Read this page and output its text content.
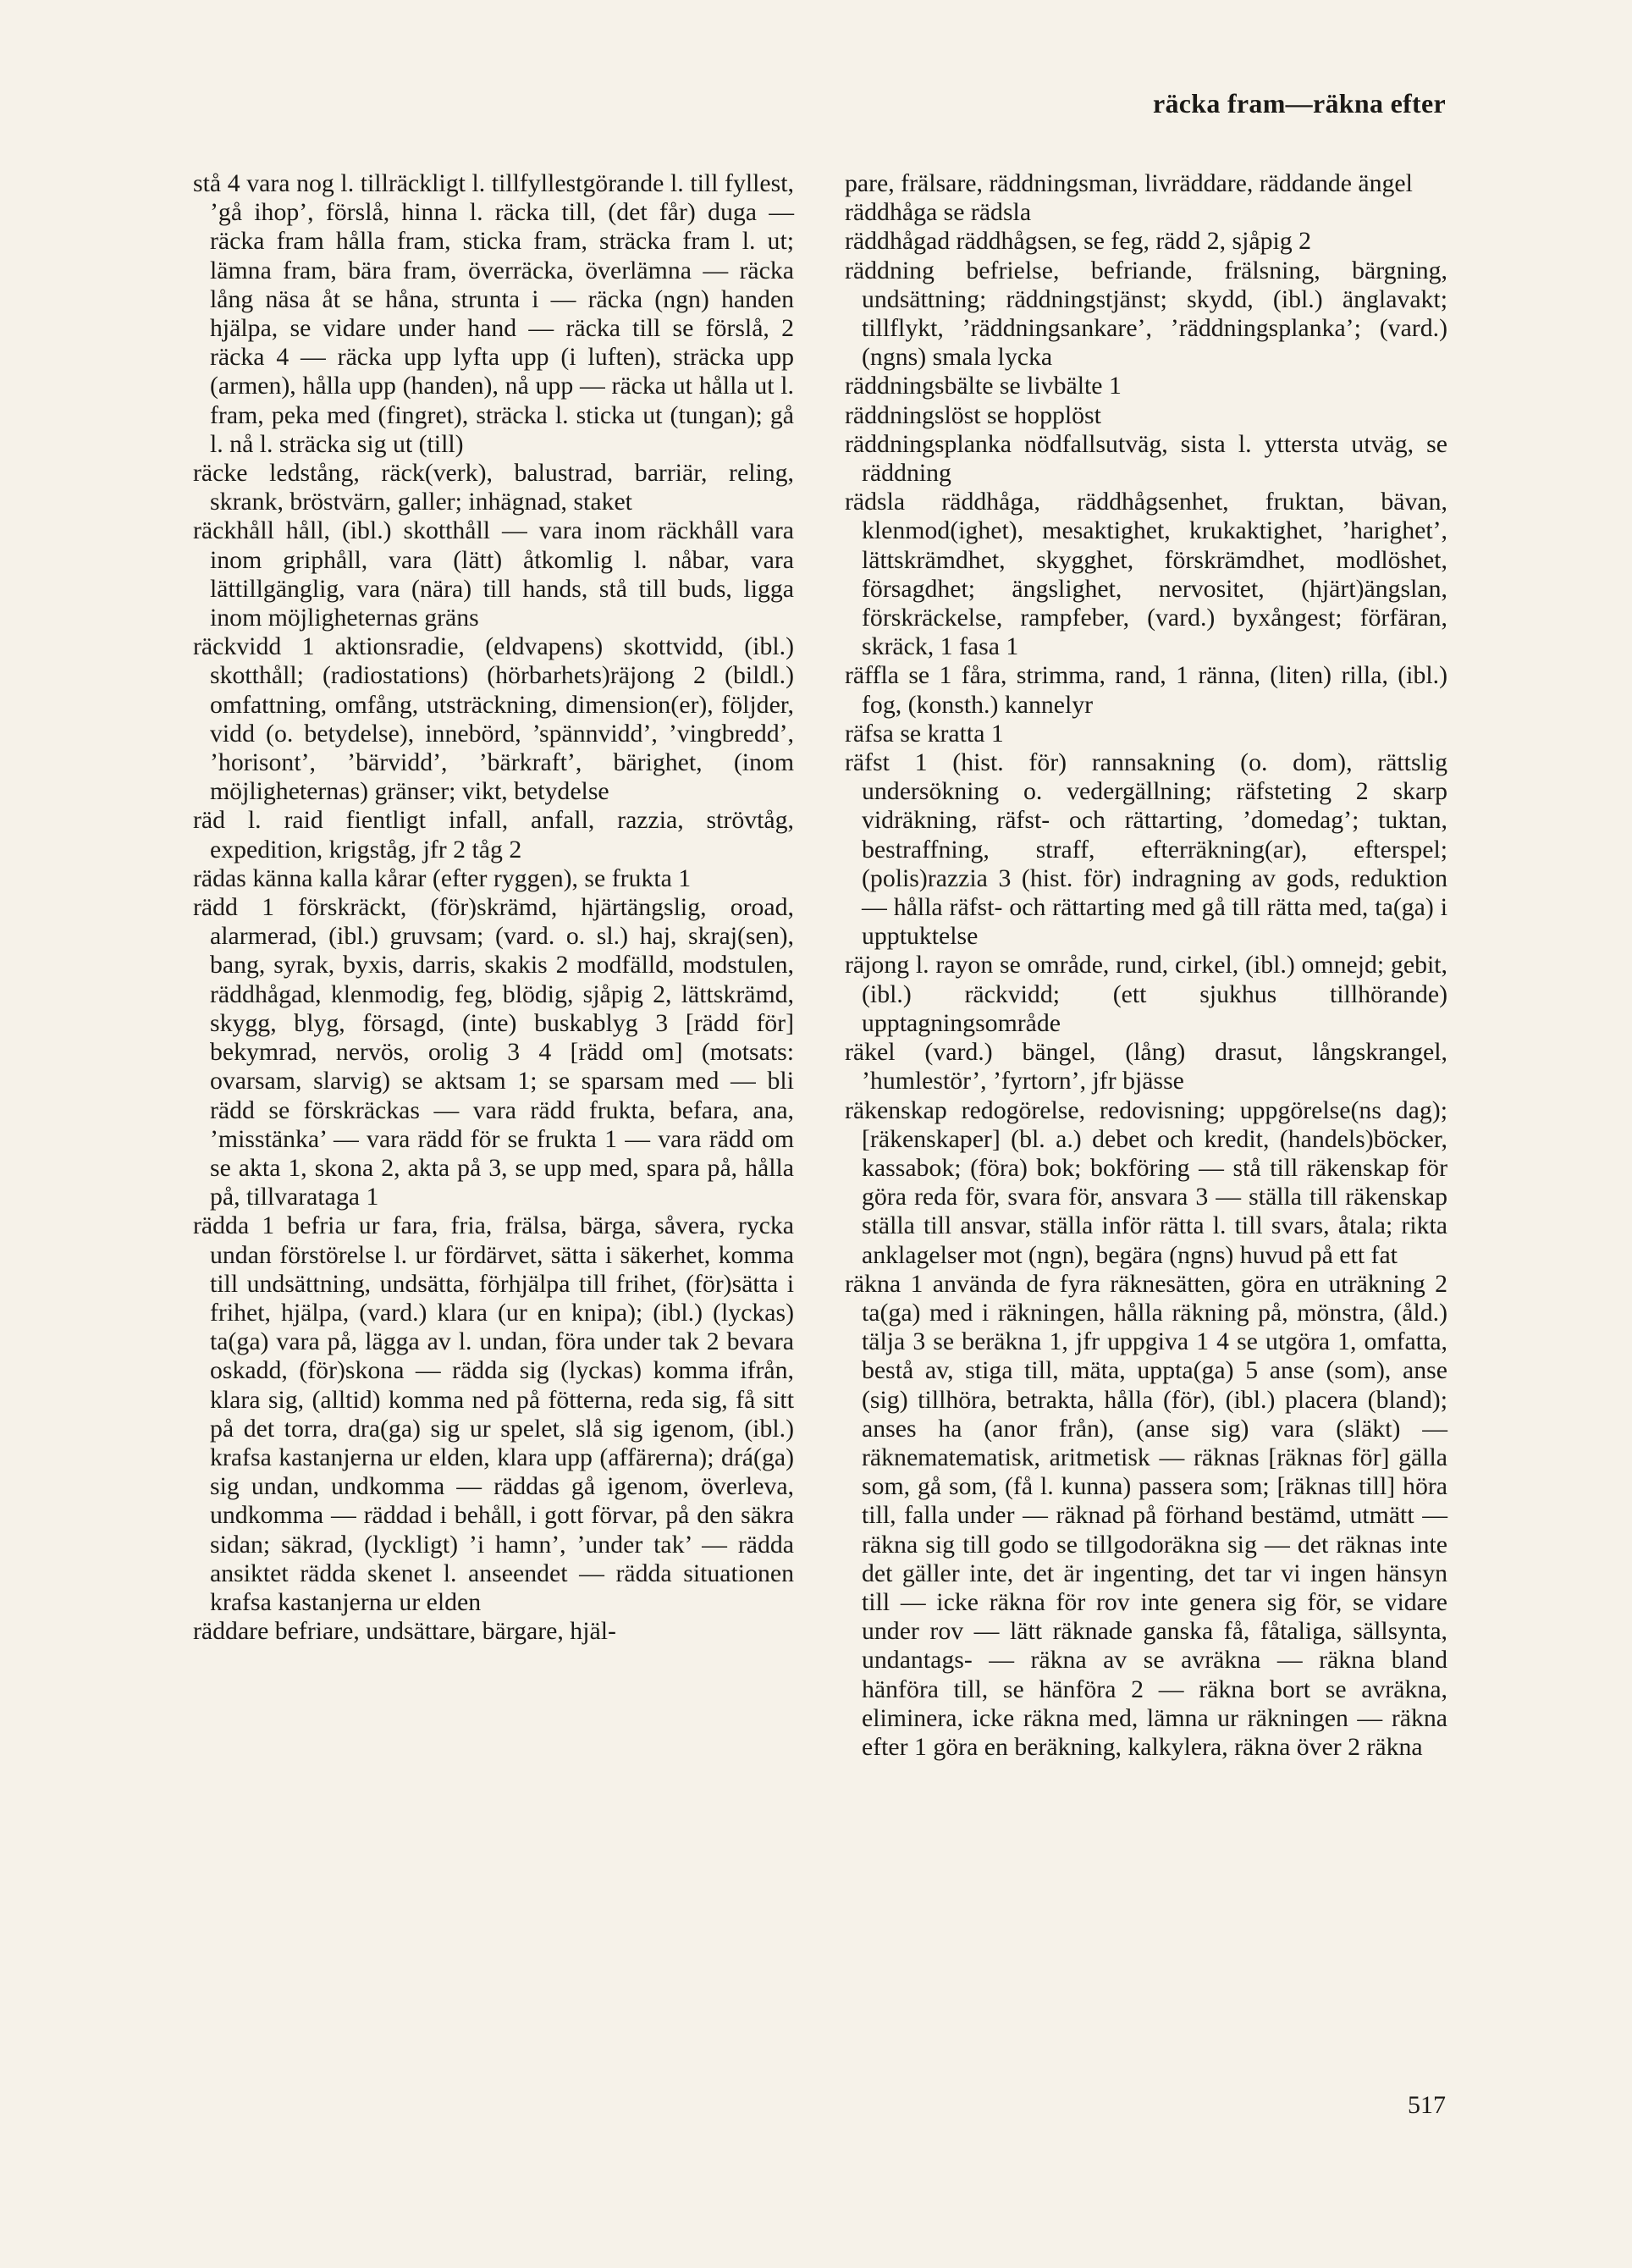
räcka fram—räkna efter

stå 4 vara nog l. tillräckligt l. tillfyllestgörande l. till fyllest, ’gå ihop’, förslå, hinna l. räcka till, (det får) duga — räcka fram hålla fram, sticka fram, sträcka fram l. ut; lämna fram, bära fram, överräcka, överlämna — räcka lång näsa åt se håna, strunta i — räcka (ngn) handen hjälpa, se vidare under hand — räcka till se förslå, 2 räcka 4 — räcka upp lyfta upp (i luften), sträcka upp (armen), hålla upp (handen), nå upp — räcka ut hålla ut l. fram, peka med (fingret), sträcka l. sticka ut (tungan); gå l. nå l. sträcka sig ut (till)

räcke ledstång, räck(verk), balustrad, barriär, reling, skrank, bröstvärn, galler; inhägnad, staket

räckhåll håll, (ibl.) skotthåll — vara inom räckhåll vara inom griphåll, vara (lätt) åtkomlig l. nåbar, vara lättillgänglig, vara (nära) till hands, stå till buds, ligga inom möjligheternas gräns

räckvidd 1 aktionsradie, (eldvapens) skottvidd, (ibl.) skotthåll; (radiostations) (hörbarhets)räjong 2 (bildl.) omfattning, omfång, utsträckning, dimension(er), följder, vidd (o. betydelse), innebörd, ’spännvidd’, ’vingbredd’, ’horisont’, ’bärvidd’, ’bärkraft’, bärighet, (inom möjligheternas) gränser; vikt, betydelse

räd l. raid fientligt infall, anfall, razzia, strövtåg, expedition, krigståg, jfr 2 tåg 2

rädas känna kalla kårar (efter ryggen), se frukta 1

rädd 1 förskräckt, (för)skrämd, hjärtängslig, oroad, alarmerad, (ibl.) gruvsam; (vard. o. sl.) haj, skraj(sen), bang, syrak, byxis, darris, skakis 2 modfälld, modstulen, räddhågad, klenmodig, feg, blödig, sjåpig 2, lättskrämd, skygg, blyg, försagd, (inte) buskablyg 3 [rädd för] bekymrad, nervös, orolig 3 4 [rädd om] (motsats: ovarsam, slarvig) se aktsam 1; se sparsam med — bli rädd se förskräckas — vara rädd frukta, befara, ana, ’misstänka’ — vara rädd för se frukta 1 — vara rädd om se akta 1, skona 2, akta på 3, se upp med, spara på, hålla på, tillvarataga 1

rädda 1 befria ur fara, fria, frälsa, bärga, såvera, rycka undan förstörelse l. ur fördärvet, sätta i säkerhet, komma till undsättning, undsätta, förhjälpa till frihet, (för)sätta i frihet, hjälpa, (vard.) klara (ur en knipa); (ibl.) (lyckas) ta(ga) vara på, lägga av l. undan, föra under tak 2 bevara oskadd, (för)skona — rädda sig (lyckas) komma ifrån, klara sig, (alltid) komma ned på fötterna, reda sig, få sitt på det torra, dra(ga) sig ur spelet, slå sig igenom, (ibl.) krafsa kastanjerna ur elden, klara upp (affärerna); drá(ga) sig undan, undkomma — räddas gå igenom, överleva, undkomma — räddad i behåll, i gott förvar, på den säkra sidan; säkrad, (lyckligt) ’i hamn’, ’under tak’ — rädda ansiktet rädda skenet l. anseendet — rädda situationen krafsa kastanjerna ur elden

räddare befriare, undsättare, bärgare, hjäl-

pare, frälsare, räddningsman, livräddare, räddande ängel

räddhåga se rädsla

räddhågad räddhågsen, se feg, rädd 2, sjåpig 2

räddning befrielse, befriande, frälsning, bärgning, undsättning; räddningstjänst; skydd, (ibl.) änglavakt; tillflykt, ’räddningsankare’, ’räddningsplanka’; (vard.) (ngns) smala lycka

räddningsbälte se livbälte 1

räddningslöst se hopplöst

räddningsplanka nödfallsutväg, sista l. yttersta utväg, se räddning

rädsla räddhåga, räddhågsenhet, fruktan, bävan, klenmod(ighet), mesaktighet, krukaktighet, ’harighet’, lättskrämdhet, skygghet, förskrämdhet, modlöshet, försagdhet; ängslighet, nervositet, (hjärt)ängslan, förskräckelse, rampfeber, (vard.) byxångest; förfäran, skräck, 1 fasa 1

räffla se 1 fåra, strimma, rand, 1 ränna, (liten) rilla, (ibl.) fog, (konsth.) kannelyr

räfsa se kratta 1

räfst 1 (hist. för) rannsakning (o. dom), rättslig undersökning o. vedergällning; räfsteting 2 skarp vidräkning, räfst- och rättarting, ’domedag’; tuktan, bestraffning, straff, efterräkning(ar), efterspel; (polis)razzia 3 (hist. för) indragning av gods, reduktion — hålla räfst- och rättarting med gå till rätta med, ta(ga) i upptuktelse

räjong l. rayon se område, rund, cirkel, (ibl.) omnejd; gebit, (ibl.) räckvidd; (ett sjukhus tillhörande) upptagningsområde

räkel (vard.) bängel, (lång) drasut, långskrangel, ’humlestör’, ’fyrtorn’, jfr bjässe

räkenskap redogörelse, redovisning; uppgörelse(ns dag); [räkenskaper] (bl. a.) debet och kredit, (handels)böcker, kassabok; (föra) bok; bokföring — stå till räkenskap för göra reda för, svara för, ansvara 3 — ställa till räkenskap ställa till ansvar, ställa inför rätta l. till svars, åtala; rikta anklagelser mot (ngn), begära (ngns) huvud på ett fat

räkna 1 använda de fyra räknesätten, göra en uträkning 2 ta(ga) med i räkningen, hålla räkning på, mönstra, (åld.) tälja 3 se beräkna 1, jfr uppgiva 1 4 se utgöra 1, omfatta, bestå av, stiga till, mäta, uppta(ga) 5 anse (som), anse (sig) tillhöra, betrakta, hålla (för), (ibl.) placera (bland); anses ha (anor från), (anse sig) vara (släkt) — räknematematisk, aritmetisk — räknas [räknas för] gälla som, gå som, (få l. kunna) passera som; [räknas till] höra till, falla under — räknad på förhand bestämd, utmätt — räkna sig till godo se tillgodoräkna sig — det räknas inte det gäller inte, det är ingenting, det tar vi ingen hänsyn till — icke räkna för rov inte genera sig för, se vidare under rov — lätt räknade ganska få, fåtaliga, sällsynta, undantags- — räkna av se avräkna — räkna bland hänföra till, se hänföra 2 — räkna bort se avräkna, eliminera, icke räkna med, lämna ur räkningen — räkna efter 1 göra en beräkning, kalkylera, räkna över 2 räkna

517
